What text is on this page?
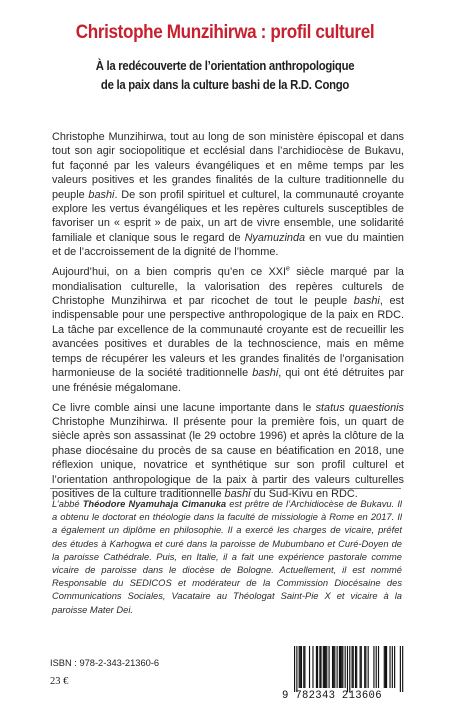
Christophe Munzihirwa : profil culturel
À la redécouverte de l’orientation anthropologique
de la paix dans la culture bashi de la R.D. Congo

Christophe Munzihirwa, tout au long de son ministère épiscopal et dans tout son agir sociopolitique et ecclésial dans l’archidiocèse de Bukavu, fut façonné par les valeurs évangéliques et en même temps par les valeurs positives et les grandes finalités de la culture traditionnelle du peuple bashi. De son profil spirituel et culturel, la communauté croyante explore les vertus évangéliques et les repères culturels susceptibles de favoriser un « esprit » de paix, un art de vivre ensemble, une solidarité familiale et clanique sous le regard de Nyamuzinda en vue du maintien et de l’accroissement de la dignité de l’homme.

Aujourd’hui, on a bien compris qu’en ce XXIe siècle marqué par la mondialisation culturelle, la valorisation des repères culturels de Christophe Munzihirwa et par ricochet de tout le peuple bashi, est indispensable pour une perspective anthropologique de la paix en RDC. La tâche par excellence de la communauté croyante est de recueillir les avancées positives et durables de la technoscience, mais en même temps de récupérer les valeurs et les grandes finalités de l’organisation harmonieuse de la société traditionnelle bashi, qui ont été détruites par une frénésie mégalomane.

Ce livre comble ainsi une lacune importante dans le status quaestionis Christophe Munzihirwa. Il présente pour la première fois, un quart de siècle après son assassinat (le 29 octobre 1996) et après la clôture de la phase diocésaine du procès de sa cause en béatification en 2018, une réflexion unique, novatrice et synthétique sur son profil culturel et l’orientation anthropologique de la paix à partir des valeurs culturelles positives de la culture traditionnelle bashi du Sud-Kivu en RDC.

L’abbé Théodore Nyamuhaja Cimanuka est prêtre de l’Archidiocèse de Bukavu. Il a obtenu le doctorat en théologie dans la faculté de missiologie à Rome en 2017. Il a également un diplôme en philosophie. Il a exercé les charges de vicaire, préfet des études à Karhogwa et curé dans la paroisse de Mubumbano et Curé-Doyen de la paroisse Cathédrale. Puis, en Italie, il a fait une expérience pastorale comme vicaire de paroisse dans le diocèse de Bologne. Actuellement, il est nommé Responsable du SEDICOS et modérateur de la Commission Diocésaine des Communications Sociales, Vacataire au Théologat Saint-Pie X et vicaire à la paroisse Mater Dei.
ISBN : 978-2-343-21360-6
23 €
9 782343 213606
